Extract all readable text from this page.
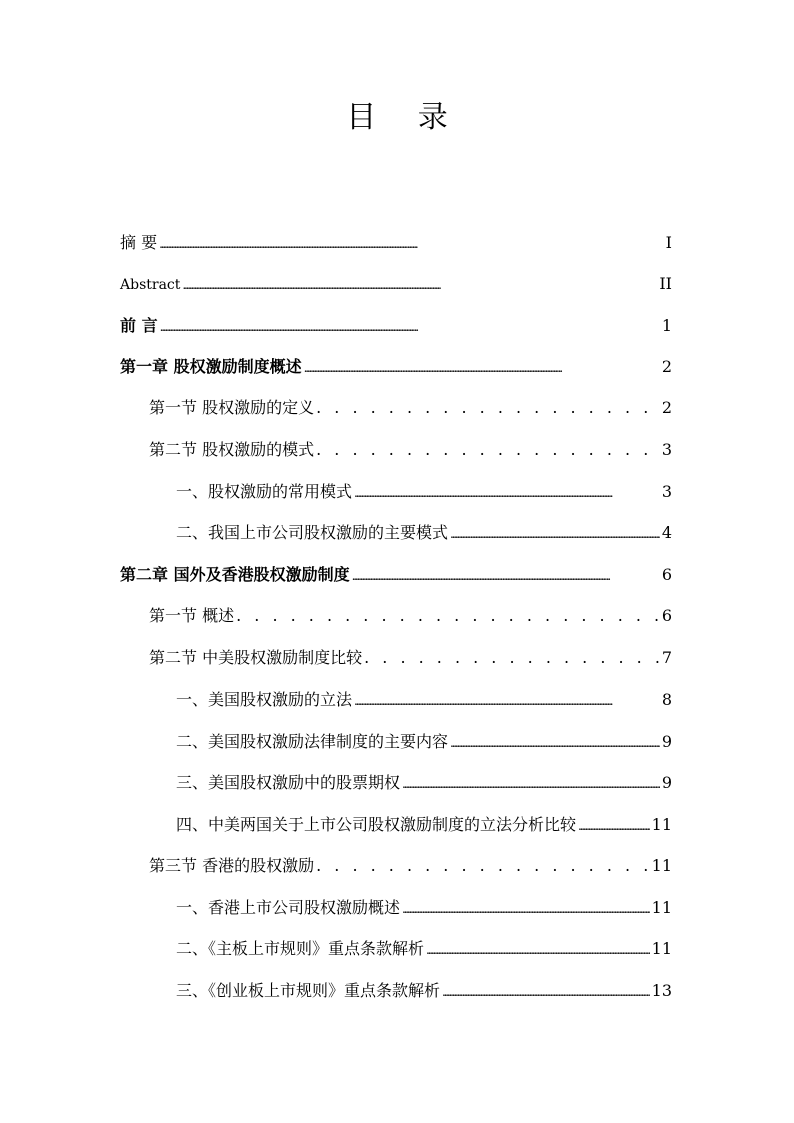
目 录
摘 要 . . .	I
Abstract . . .	II
前 言 . . .	1
第一章 股权激励制度概述 . . .	2
第一节 股权激励的定义 . . .	2
第二节 股权激励的模式 . . .	3
一、股权激励的常用模式 . . .	3
二、我国上市公司股权激励的主要模式 . . .	4
第二章 国外及香港股权激励制度 . . .	6
第一节 概述 . . .	6
第二节 中美股权激励制度比较 . . .	7
一、美国股权激励的立法 . . .	8
二、美国股权激励法律制度的主要内容 . . .	9
三、美国股权激励中的股票期权 . . .	9
四、中美两国关于上市公司股权激励制度的立法分析比较 . . .	11
第三节 香港的股权激励 . . .	11
一、香港上市公司股权激励概述 . . .	11
二、《主板上市规则》重点条款解析 . . .	11
三、《创业板上市规则》重点条款解析 . . .	13
